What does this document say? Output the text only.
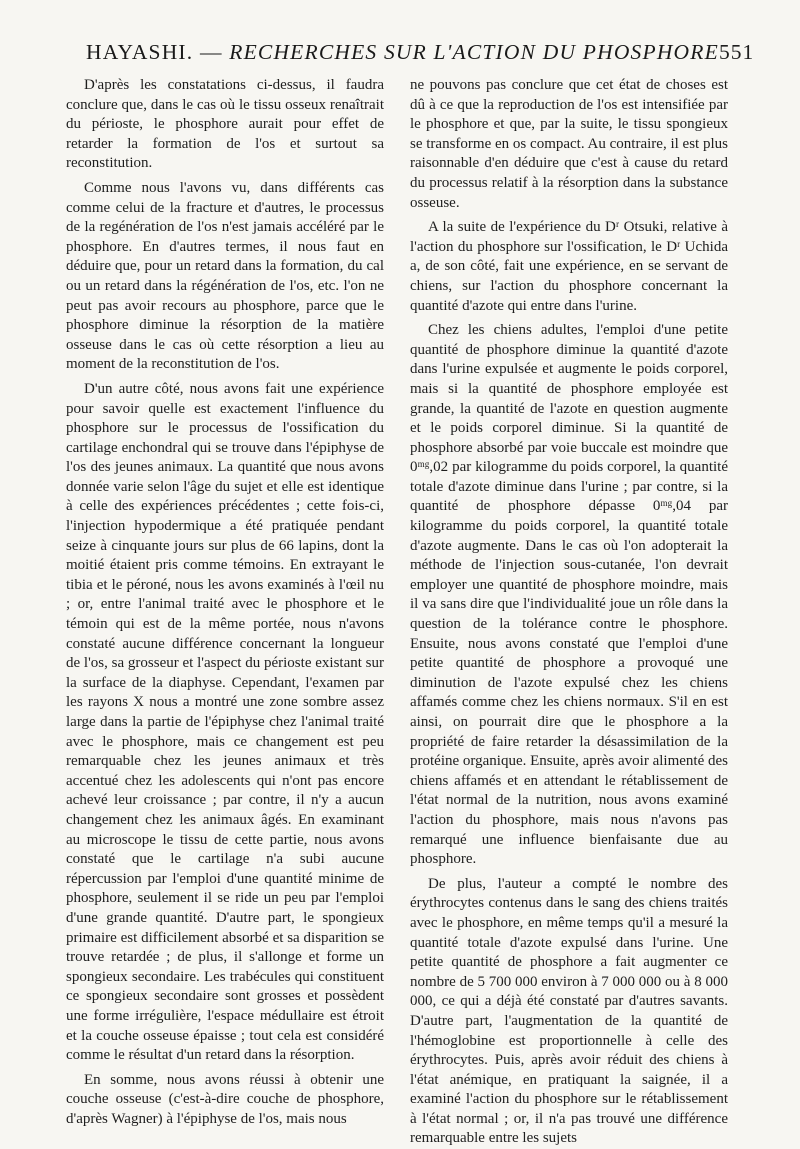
HAYASHI. — RECHERCHES SUR L'ACTION DU PHOSPHORE 551

D'après les constatations ci-dessus, il faudra conclure que, dans le cas où le tissu osseux renaîtrait du périoste, le phosphore aurait pour effet de retarder la formation de l'os et surtout sa reconstitution.

Comme nous l'avons vu, dans différents cas comme celui de la fracture et d'autres, le processus de la regénération de l'os n'est jamais accéléré par le phosphore. En d'autres termes, il nous faut en déduire que, pour un retard dans la formation, du cal ou un retard dans la régénération de l'os, etc. l'on ne peut pas avoir recours au phosphore, parce que le phosphore diminue la résorption de la matière osseuse dans le cas où cette résorption a lieu au moment de la reconstitution de l'os.

D'un autre côté, nous avons fait une expérience pour savoir quelle est exactement l'influence du phosphore sur le processus de l'ossification du cartilage enchondral qui se trouve dans l'épiphyse de l'os des jeunes animaux. La quantité que nous avons donnée varie selon l'âge du sujet et elle est identique à celle des expériences précédentes ; cette fois-ci, l'injection hypodermique a été pratiquée pendant seize à cinquante jours sur plus de 66 lapins, dont la moitié étaient pris comme témoins. En extrayant le tibia et le péroné, nous les avons examinés à l'œil nu ; or, entre l'animal traité avec le phosphore et le témoin qui est de la même portée, nous n'avons constaté aucune différence concernant la longueur de l'os, sa grosseur et l'aspect du périoste existant sur la surface de la diaphyse. Cependant, l'examen par les rayons X nous a montré une zone sombre assez large dans la partie de l'épiphyse chez l'animal traité avec le phosphore, mais ce changement est peu remarquable chez les jeunes animaux et très accentué chez les adolescents qui n'ont pas encore achevé leur croissance ; par contre, il n'y a aucun changement chez les animaux âgés. En examinant au microscope le tissu de cette partie, nous avons constaté que le cartilage n'a subi aucune répercussion par l'emploi d'une quantité minime de phosphore, seulement il se ride un peu par l'emploi d'une grande quantité. D'autre part, le spongieux primaire est difficilement absorbé et sa disparition se trouve retardée ; de plus, il s'allonge et forme un spongieux secondaire. Les trabécules qui constituent ce spongieux secondaire sont grosses et possèdent une forme irrégulière, l'espace médullaire est étroit et la couche osseuse épaisse ; tout cela est considéré comme le résultat d'un retard dans la résorption.

En somme, nous avons réussi à obtenir une couche osseuse (c'est-à-dire couche de phosphore, d'après Wagner) à l'épiphyse de l'os, mais nous

ne pouvons pas conclure que cet état de choses est dû à ce que la reproduction de l'os est intensifiée par le phosphore et que, par la suite, le tissu spongieux se transforme en os compact. Au contraire, il est plus raisonnable d'en déduire que c'est à cause du retard du processus relatif à la résorption dans la substance osseuse.

A la suite de l'expérience du Dʳ Otsuki, relative à l'action du phosphore sur l'ossification, le Dʳ Uchida a, de son côté, fait une expérience, en se servant de chiens, sur l'action du phosphore concernant la quantité d'azote qui entre dans l'urine.

Chez les chiens adultes, l'emploi d'une petite quantité de phosphore diminue la quantité d'azote dans l'urine expulsée et augmente le poids corporel, mais si la quantité de phosphore employée est grande, la quantité de l'azote en question augmente et le poids corporel diminue. Si la quantité de phosphore absorbé par voie buccale est moindre que 0ᵐᵍ,02 par kilogramme du poids corporel, la quantité totale d'azote diminue dans l'urine ; par contre, si la quantité de phosphore dépasse 0ᵐᵍ,04 par kilogramme du poids corporel, la quantité totale d'azote augmente. Dans le cas où l'on adopterait la méthode de l'injection sous-cutanée, l'on devrait employer une quantité de phosphore moindre, mais il va sans dire que l'individualité joue un rôle dans la question de la tolérance contre le phosphore. Ensuite, nous avons constaté que l'emploi d'une petite quantité de phosphore a provoqué une diminution de l'azote expulsé chez les chiens affamés comme chez les chiens normaux. S'il en est ainsi, on pourrait dire que le phosphore a la propriété de faire retarder la désassimilation de la protéine organique. Ensuite, après avoir alimenté des chiens affamés et en attendant le rétablissement de l'état normal de la nutrition, nous avons examiné l'action du phosphore, mais nous n'avons pas remarqué une influence bienfaisante due au phosphore.

De plus, l'auteur a compté le nombre des érythrocytes contenus dans le sang des chiens traités avec le phosphore, en même temps qu'il a mesuré la quantité totale d'azote expulsé dans l'urine. Une petite quantité de phosphore a fait augmenter ce nombre de 5 700 000 environ à 7 000 000 ou à 8 000 000, ce qui a déjà été constaté par d'autres savants. D'autre part, l'augmentation de la quantité de l'hémoglobine est proportionnelle à celle des érythrocytes. Puis, après avoir réduit des chiens à l'état anémique, en pratiquant la saignée, il a examiné l'action du phosphore sur le rétablissement à l'état normal ; or, il n'a pas trouvé une différence remarquable entre les sujets
